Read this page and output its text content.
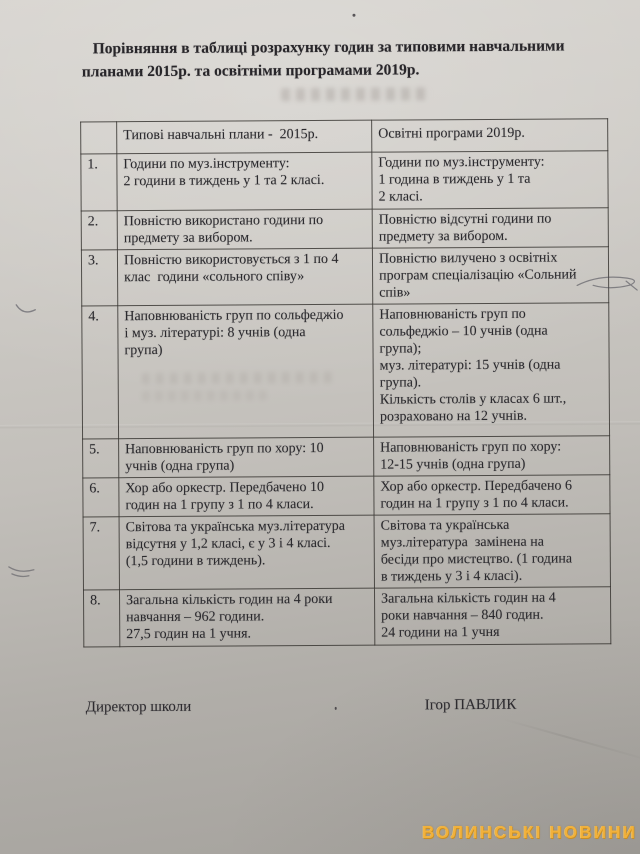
Порівняння в таблиці розрахунку годин за типовими навчальними
планами 2015р. та освітніми програмами 2019р.
	Типові навчальні плани -  2015р.	Освітні програми 2019р.
1.	Години по муз.інструменту:
2 години в тиждень у 1 та 2 класі.	Години по муз.інструменту:
1 година в тиждень у 1 та
2 класі.
2.	Повністю використано години по
предмету за вибором.	Повністю відсутні години по
предмету за вибором.
3.	Повністю використовується з 1 по 4
клас  години «сольного співу»	Повністю вилучено з освітніх
програм спеціалізацію «Сольний
спів»
4.	Наповнюваність груп по сольфеджіо
і муз. літературі: 8 учнів (одна
група)	Наповнюваність груп по
сольфеджіо – 10 учнів (одна
група);
муз. літературі: 15 учнів (одна
група).
Кількість столів у класах 6 шт.,
розраховано на 12 учнів.
5.	Наповнюваність груп по хору: 10
учнів (одна група)	Наповнюваність груп по хору:
12-15 учнів (одна група)
6.	Хор або оркестр. Передбачено 10
годин на 1 групу з 1 по 4 класи.	Хор або оркестр. Передбачено 6
годин на 1 групу з 1 по 4 класи.
7.	Світова та українська муз.література
відсутня у 1,2 класі, є у 3 і 4 класі.
(1,5 години в тиждень).	Світова та українська
муз.література  замінена на
бесіди про мистецтво. (1 година
в тиждень у 3 і 4 класі).
8.	Загальна кількість годин на 4 роки
навчання – 962 години.
27,5 годин на 1 учня.	Загальна кількість годин на 4
роки навчання – 840 годин.
24 години на 1 учня
Директор школи	Ігор ПАВЛИК
ВОЛИНСЬКІ НОВИНИ
